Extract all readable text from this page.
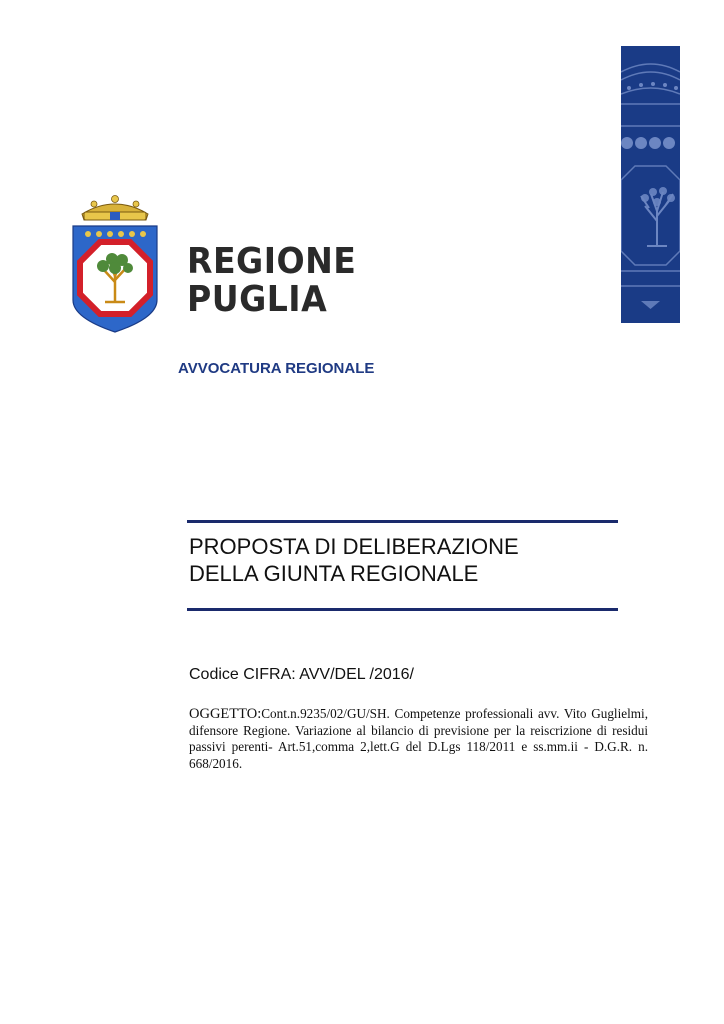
REGIONE
PUGLIA
AVVOCATURA REGIONALE
PROPOSTA DI DELIBERAZIONE
DELLA GIUNTA REGIONALE
Codice CIFRA: AVV/DEL /2016/
OGGETTO:Cont.n.9235/02/GU/SH. Competenze professionali avv. Vito Guglielmi, difensore Regione. Variazione al bilancio di previsione per la reiscrizione di residui passivi perenti- Art.51,comma 2,lett.G del D.Lgs 118/2011 e ss.mm.ii - D.G.R. n. 668/2016.
